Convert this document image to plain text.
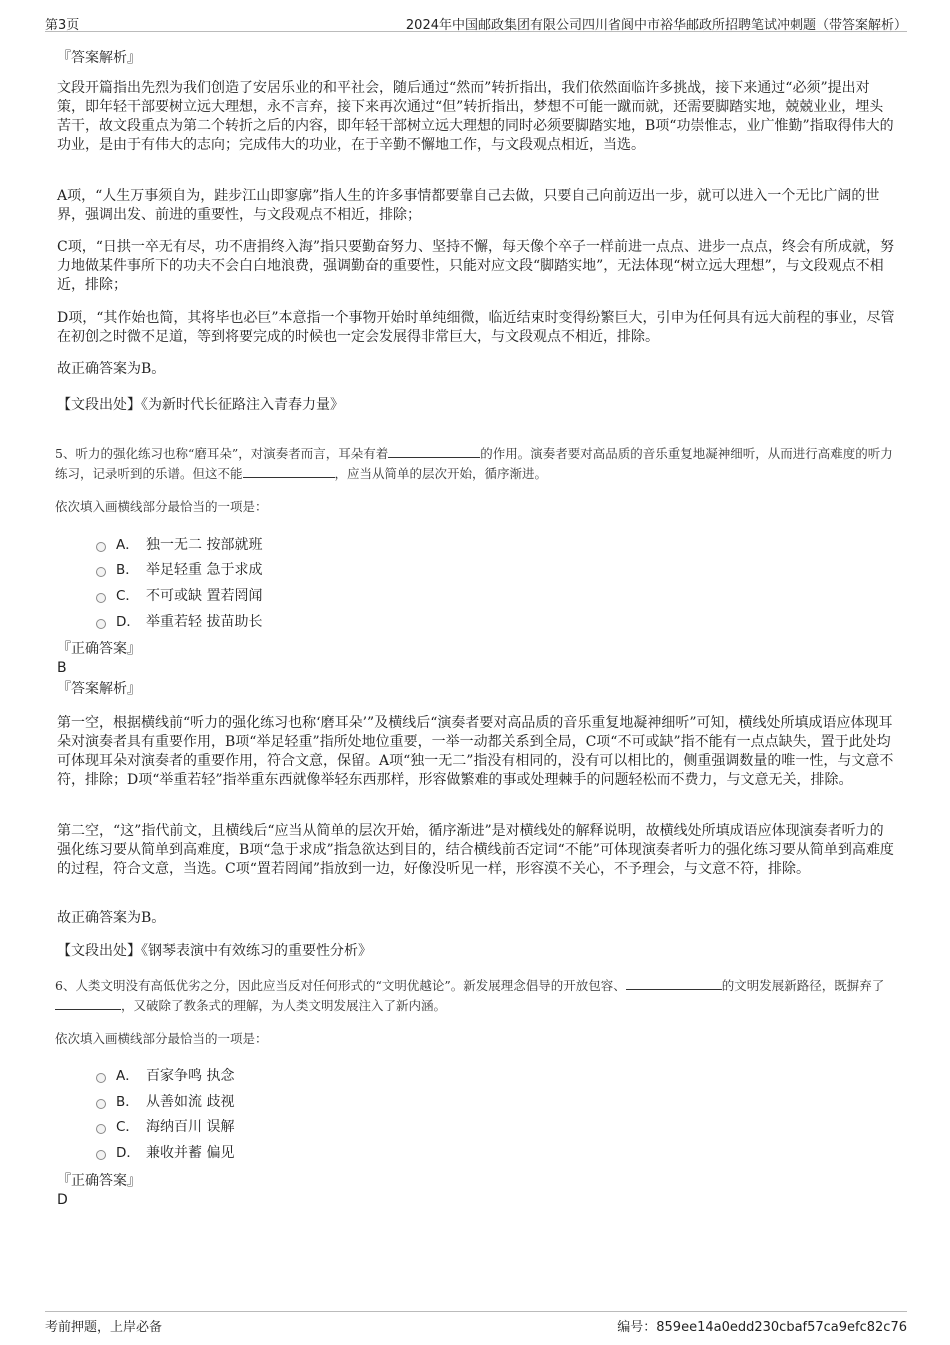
第3页	2024年中国邮政集团有限公司四川省阆中市裕华邮政所招聘笔试冲刺题（带答案解析）
『答案解析』
文段开篇指出先烈为我们创造了安居乐业的和平社会，随后通过“然而”转折指出，我们依然面临许多挑战，接下来通过“必须”提出对策，即年轻干部要树立远大理想，永不言弃，接下来再次通过“但”转折指出，梦想不可能一蹴而就，还需要脚踏实地，兢兢业业，埋头苦干，故文段重点为第二个转折之后的内容，即年轻干部树立远大理想的同时必须要脚踏实地，B项“功崇惟志，业广惟勤”指取得伟大的功业，是由于有伟大的志向；完成伟大的功业，在于辛勤不懈地工作，与文段观点相近，当选。
A项，“人生万事须自为，跬步江山即寥廓”指人生的许多事情都要靠自己去做，只要自己向前迈出一步，就可以进入一个无比广阔的世界，强调出发、前进的重要性，与文段观点不相近，排除；
C项，“日拱一卒无有尽，功不唐捐终入海”指只要勤奋努力、坚持不懈，每天像个卒子一样前进一点点、进步一点点，终会有所成就，努力地做某件事所下的功夫不会白白地浪费，强调勤奋的重要性，只能对应文段“脚踏实地”，无法体现“树立远大理想”，与文段观点不相近，排除；
D项，“其作始也简，其将毕也必巨”本意指一个事物开始时单纯细微，临近结束时变得纷繁巨大，引申为任何具有远大前程的事业，尽管在初创之时微不足道，等到将要完成的时候也一定会发展得非常巨大，与文段观点不相近，排除。
故正确答案为B。
【文段出处】《为新时代长征路注入青春力量》
5、听力的强化练习也称“磨耳朵”，对演奏者而言，耳朵有着	的作用。演奏者要对高品质的音乐重复地凝神细听，从而进行高难度的听力练习，记录听到的乐谱。但这不能	，应当从简单的层次开始，循序渐进。
依次填入画横线部分最恰当的一项是：
A． 独一无二 按部就班
B． 举足轻重 急于求成
C． 不可或缺 置若罔闻
D． 举重若轻 拔苗助长
『正确答案』
B
『答案解析』
第一空，根据横线前“听力的强化练习也称‘磨耳朵’”及横线后“演奏者要对高品质的音乐重复地凝神细听”可知，横线处所填成语应体现耳朵对演奏者具有重要作用，B项“举足轻重”指所处地位重要，一举一动都关系到全局，C项“不可或缺”指不能有一点点缺失，置于此处均可体现耳朵对演奏者的重要作用，符合文意，保留。A项“独一无二”指没有相同的，没有可以相比的，侧重强调数量的唯一性，与文意不符，排除；D项“举重若轻”指举重东西就像举轻东西那样，形容做繁难的事或处理棘手的问题轻松而不费力，与文意无关，排除。
第二空，“这”指代前文，且横线后“应当从简单的层次开始，循序渐进”是对横线处的解释说明，故横线处所填成语应体现演奏者听力的强化练习要从简单到高难度，B项“急于求成”指急欲达到目的，结合横线前否定词“不能”可体现演奏者听力的强化练习要从简单到高难度的过程，符合文意，当选。C项“置若罔闻”指放到一边，好像没听见一样，形容漠不关心，不予理会，与文意不符，排除。
故正确答案为B。
【文段出处】《钢琴表演中有效练习的重要性分析》
6、人类文明没有高低优劣之分，因此应当反对任何形式的“文明优越论”。新发展理念倡导的开放包容、	的文明发展新路径，既摒弃了，又破除了教条式的理解，为人类文明发展注入了新内涵。
依次填入画横线部分最恰当的一项是：
A． 百家争鸣 执念
B． 从善如流 歧视
C． 海纳百川 误解
D． 兼收并蓄 偏见
『正确答案』
D
考前押题，上岸必备	编号：859ee14a0edd230cbaf57ca9efc82c76
